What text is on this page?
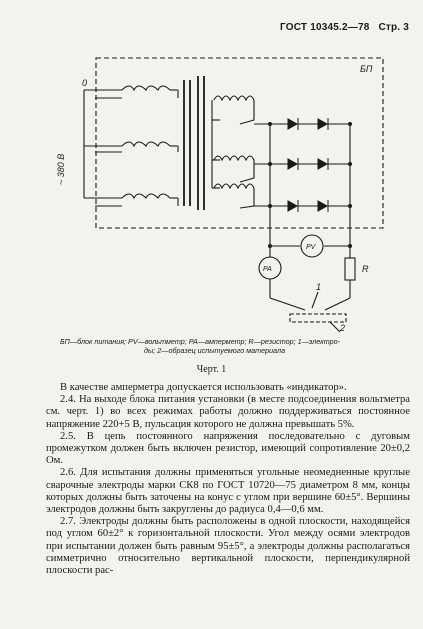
ГОСТ 10345.2—78 Стр. 3
БП
0
~ 380 В
PV
PA	R
1
2
БП—блок питания; PV—вольтметр; PA—амперметр; R—резистор; 1—электро-
ды; 2—образец испытуемого материала
Черт. 1

В качестве амперметра допускается использовать «индикатор».

2.4. На выходе блока питания установки (в месте подсоединения вольтметра см. черт. 1) во всех режимах работы должно поддерживаться постоянное напряжение 220+5 В, пульсация которого не должна превышать 5%.

2.5. В цепь постоянного напряжения последовательно с дуговым промежутком должен быть включен резистор, имеющий сопротивление 20±0,2 Ом.

2.6. Для испытания должны применяться угольные неомедненные круглые сварочные электроды марки СК8 по ГОСТ 10720—75 диаметром 8 мм, концы которых должны быть заточены на конус с углом при вершине 60±5°. Вершины электродов должны быть закруглены до радиуса 0,4—0,6 мм.

2.7. Электроды должны быть расположены в одной плоскости, находящейся под углом 60±2° к горизонтальной плоскости. Угол между осями электродов при испытании должен быть равным 95±5°, а электроды должны располагаться симметрично относительно вертикальной плоскости, перпендикулярной плоскости рас-
